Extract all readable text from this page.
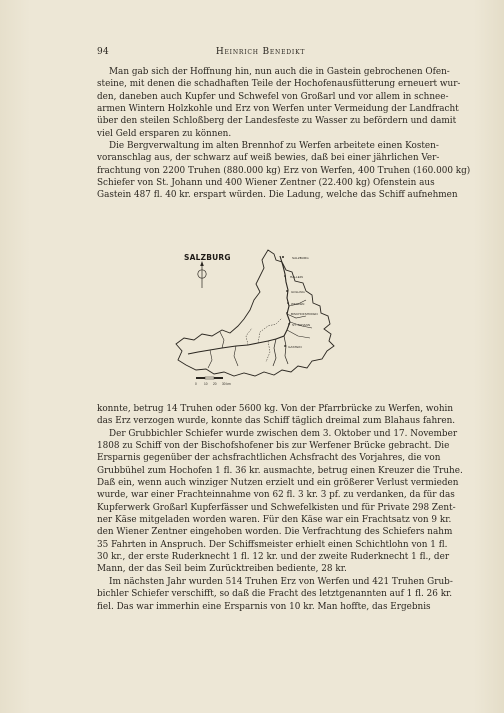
94	Heinrich Benedikt
Man gab sich der Hoffnung hin, nun auch die in Gastein gebrochenen Ofen-
steine, mit denen die schadhaften Teile der Hochofenausfütterung erneuert wur-
den, daneben auch Kupfer und Schwefel von Großarl und vor allem in schnee-
armen Wintern Holzkohle und Erz von Werfen unter Vermeidung der Landfracht
über den steilen Schloßberg der Landesfeste zu Wasser zu befördern und damit
viel Geld ersparen zu können.
Die Bergverwaltung im alten Brennhof zu Werfen arbeitete einen Kosten-
voranschlag aus, der schwarz auf weiß bewies, daß bei einer jährlichen Ver-
frachtung von 2200 Truhen (880.000 kg) Erz von Werfen, 400 Truhen (160.000 kg)
Schiefer von St. Johann und 400 Wiener Zentner (22.400 kg) Ofenstein aus
Gastein 487 fl. 40 kr. erspart würden. Die Ladung, welche das Schiff aufnehmen
0 10 20 30 km
SALZBURG
HALLEIN
GOLLING
WERFEN
BISCHOFSHOFEN
ST. JOHANN
GASTEIN
SALZBURG
konnte, betrug 14 Truhen oder 5600 kg. Von der Pfarrbrücke zu Werfen, wohin
das Erz verzogen wurde, konnte das Schiff täglich dreimal zum Blahaus fahren.
Der Grubbichler Schiefer wurde zwischen dem 3. Oktober und 17. November
1808 zu Schiff von der Bischofshofener bis zur Werfener Brücke gebracht. Die
Ersparnis gegenüber der achsfrachtlichen Achsfracht des Vorjahres, die von
Grubbühel zum Hochofen 1 fl. 36 kr. ausmachte, betrug einen Kreuzer die Truhe.
Daß ein, wenn auch winziger Nutzen erzielt und ein größerer Verlust vermieden
wurde, war einer Frachteinnahme von 62 fl. 3 kr. 3 pf. zu verdanken, da für das
Kupferwerk Großarl Kupferfässer und Schwefelkisten und für Private 298 Zent-
ner Käse mitgeladen worden waren. Für den Käse war ein Frachtsatz von 9 kr.
den Wiener Zentner eingehoben worden. Die Verfrachtung des Schiefers nahm
35 Fahrten in Anspruch. Der Schiffsmeister erhielt einen Schichtlohn von 1 fl.
30 kr., der erste Ruderknecht 1 fl. 12 kr. und der zweite Ruderknecht 1 fl., der
Mann, der das Seil beim Zurücktreiben bediente, 28 kr.
Im nächsten Jahr wurden 514 Truhen Erz von Werfen und 421 Truhen Grub-
bichler Schiefer verschifft, so daß die Fracht des letztgenannten auf 1 fl. 26 kr.
fiel. Das war immerhin eine Ersparnis von 10 kr. Man hoffte, das Ergebnis
